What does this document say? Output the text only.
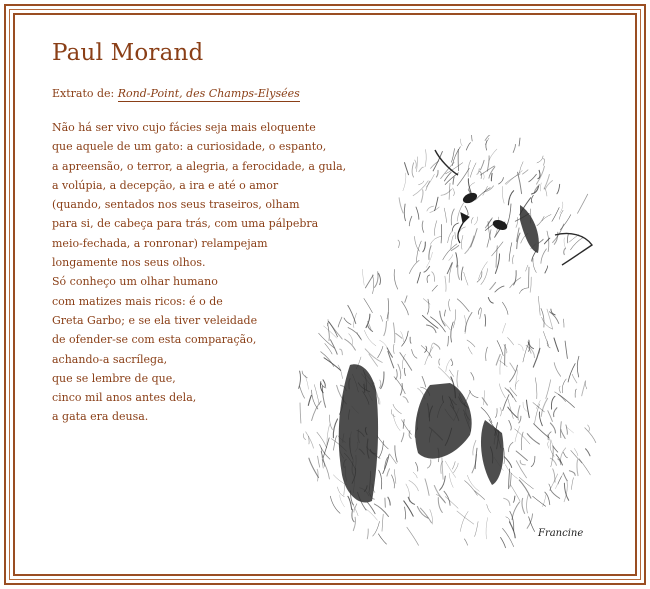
Paul Morand
Extrato de: Rond-Point, des Champs-Elysées
Não há ser vivo cujo fácies seja mais eloquente
que aquele de um gato: a curiosidade, o espanto,
a apreensão, o terror, a alegria, a ferocidade, a gula,
a volúpia, a decepção, a ira e até o amor
(quando, sentados nos seus traseiros, olham
para si, de cabeça para trás, com uma pálpebra
meio-fechada, a ronronar) relampejam
longamente nos seus olhos.
Só conheço um olhar humano
com matizes mais ricos: é o de
Greta Garbo; e se ela tiver veleidade
de ofender-se com esta comparação,
achando-a sacrílega,
que se lembre de que,
cinco mil anos antes dela,
a gata era deusa.
Francine
